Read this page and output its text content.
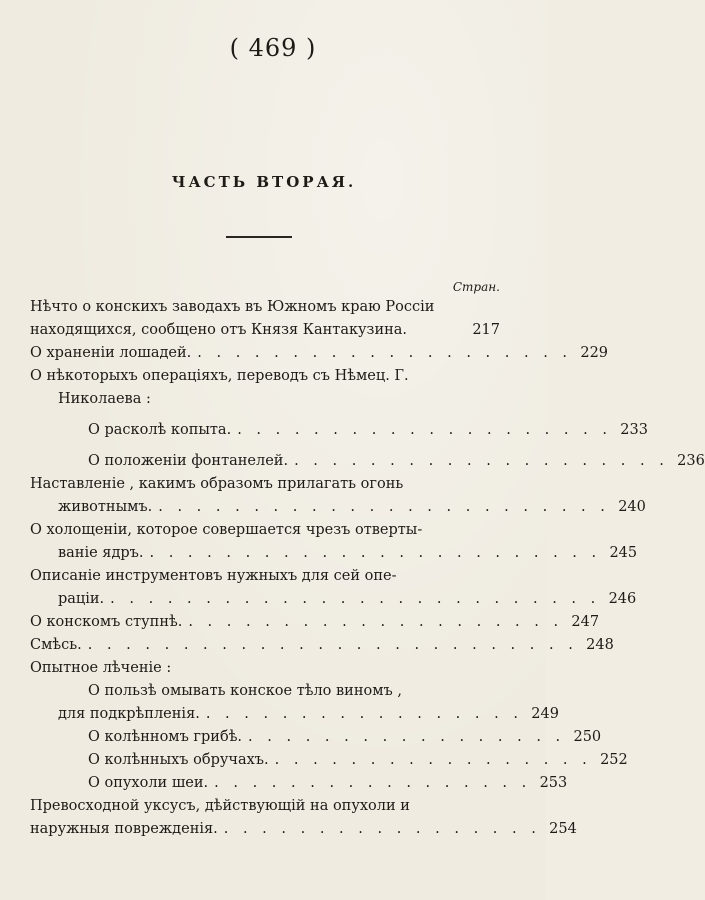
( 469 )
ЧАСТЬ ВТОРАЯ.
Стран.
Нѣчто о конскихъ заводахъ въ Южномъ краю Россіи
находящихся, сообщено отъ Князя Кантакузина.	217
О храненіи лошадей. . . . . . . . . . . . . . . . . . . . . 229
О нѣкоторыхъ операціяхъ, переводъ съ Нѣмец. Г.
Николаева :
О расколѣ копыта. . . . . . . . . . . . . . . . . . . . . 233
О положеніи фонтанелей. . . . . . . . . . . . . . . . . . . . . 236
Наставленіе , какимъ образомъ прилагать огонь
животнымъ. . . . . . . . . . . . . . . . . . . . . . . . . 240
О холощеніи, которое совершается чрезъ отверты-
ваніе ядръ. . . . . . . . . . . . . . . . . . . . . . . . . 245
Описаніе инструментовъ нужныхъ для сей опе-
раціи. . . . . . . . . . . . . . . . . . . . . . . . . . . 246
О конскомъ ступнѣ. . . . . . . . . . . . . . . . . . . . . 247
Смѣсь. . . . . . . . . . . . . . . . . . . . . . . . . . . 248
Опытное лѣченіе :
О пользѣ омывать конское тѣло виномъ ,
для подкрѣпленія. . . . . . . . . . . . . . . . . . 249
О колѣнномъ грибѣ. . . . . . . . . . . . . . . . . . 250
О колѣнныхъ обручахъ. . . . . . . . . . . . . . . . . . 252
О опухоли шеи. . . . . . . . . . . . . . . . . . 253
Превосходной уксусъ, дѣйствующій на опухоли и
наружныя поврежденія. . . . . . . . . . . . . . . . . . 254
